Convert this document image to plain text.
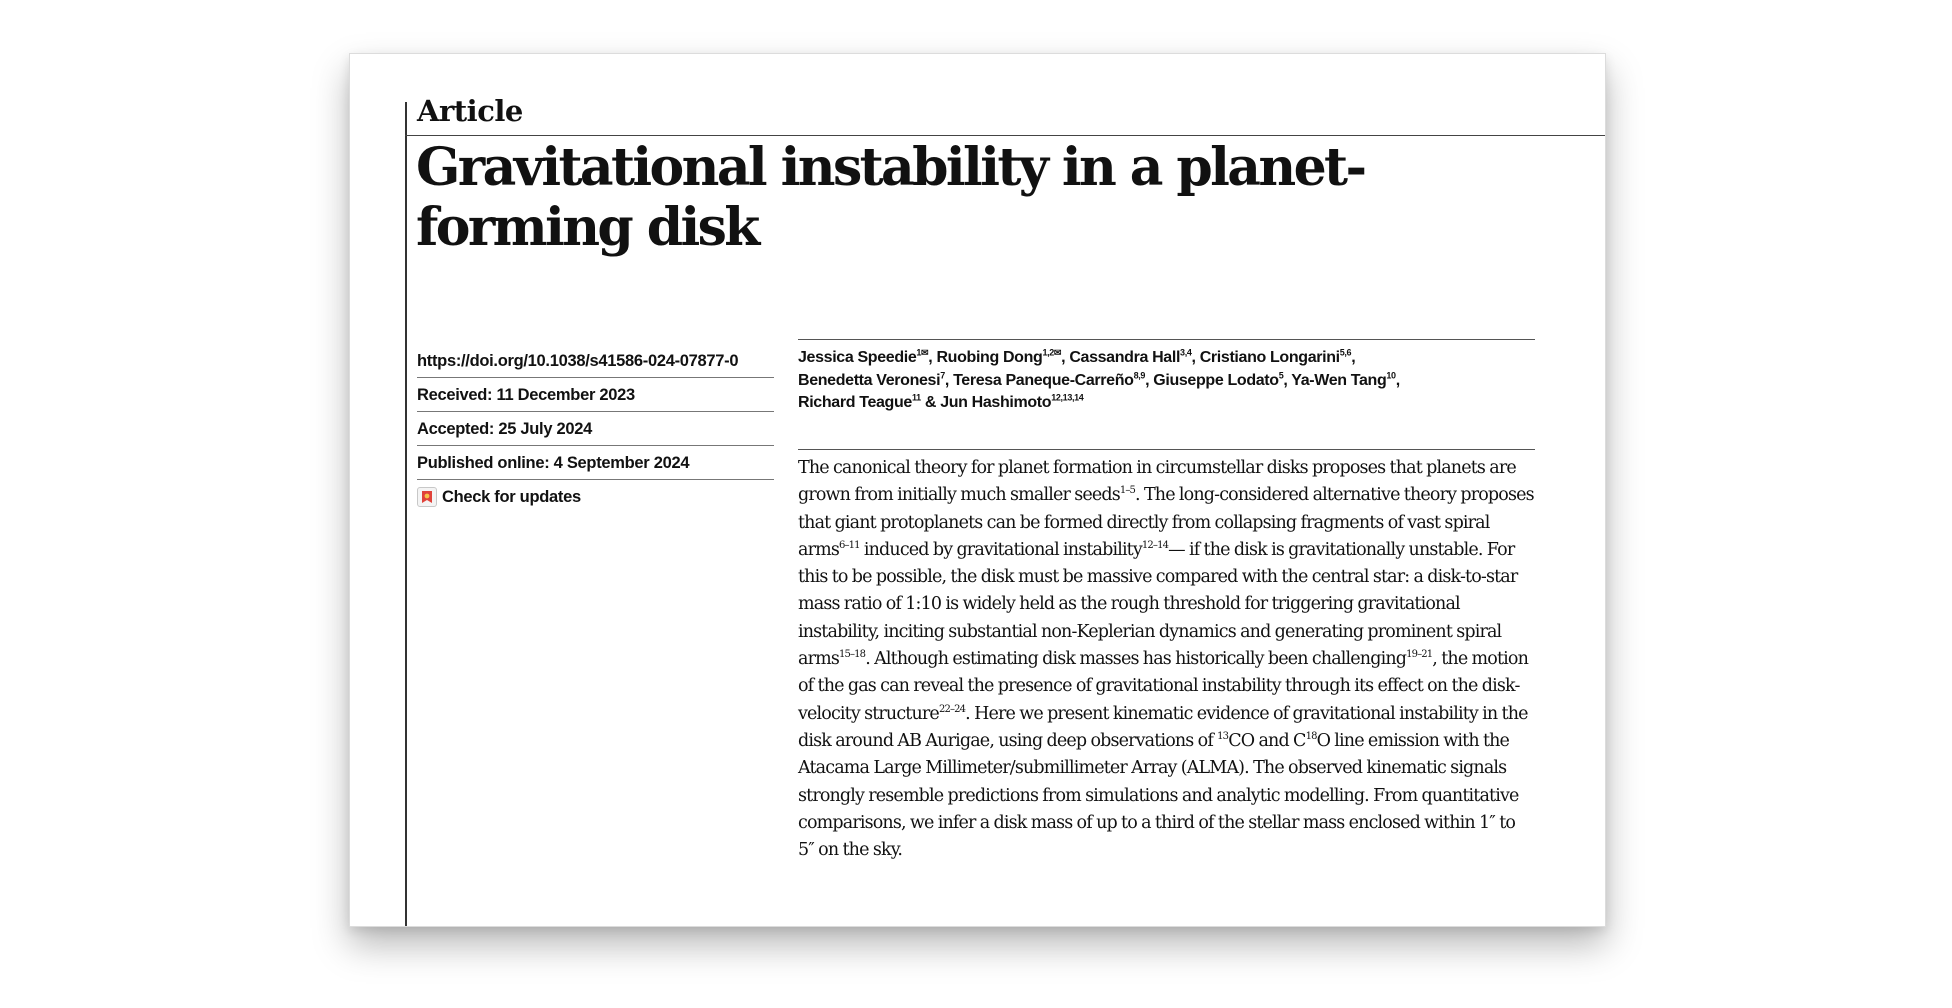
Article
Gravitational instability in a planet-forming disk
https://doi.org/10.1038/s41586-024-07877-0
Received: 11 December 2023
Accepted: 25 July 2024
Published online: 4 September 2024
Check for updates
Jessica Speedie$^{1✉}$, Ruobing Dong$^{1,2✉}$, Cassandra Hall$^{3,4}$, Cristiano Longarini$^{5,6}$,
Benedetta Veronesi$^7$, Teresa Paneque-Carreño$^{8,9}$, Giuseppe Lodato$^5$, Ya-Wen Tang$^{10}$,
Richard Teague$^{11}$ & Jun Hashimoto$^{12,13,14}$

The canonical theory for planet formation in circumstellar disks proposes that planets are grown from initially much smaller seeds$^{1-5}$. The long-considered alternative theory proposes that giant protoplanets can be formed directly from collapsing fragments of vast spiral arms$^{6-11}$ induced by gravitational instability$^{12-14}$— if the disk is gravitationally unstable. For this to be possible, the disk must be massive compared with the central star: a disk-to-star mass ratio of 1:10 is widely held as the rough threshold for triggering gravitational instability, inciting substantial non-Keplerian dynamics and generating prominent spiral arms$^{15-18}$. Although estimating disk masses has historically been challenging$^{19-21}$, the motion of the gas can reveal the presence of gravitational instability through its effect on the disk-velocity structure$^{22-24}$. Here we present kinematic evidence of gravitational instability in the disk around AB Aurigae, using deep observations of $^{13}$CO and $C^{18}O$ line emission with the Atacama Large Millimeter/submillimeter Array (ALMA). The observed kinematic signals strongly resemble predictions from simulations and analytic modelling. From quantitative comparisons, we infer a disk mass of up to a third of the stellar mass enclosed within 1″ to 5″ on the sky.
